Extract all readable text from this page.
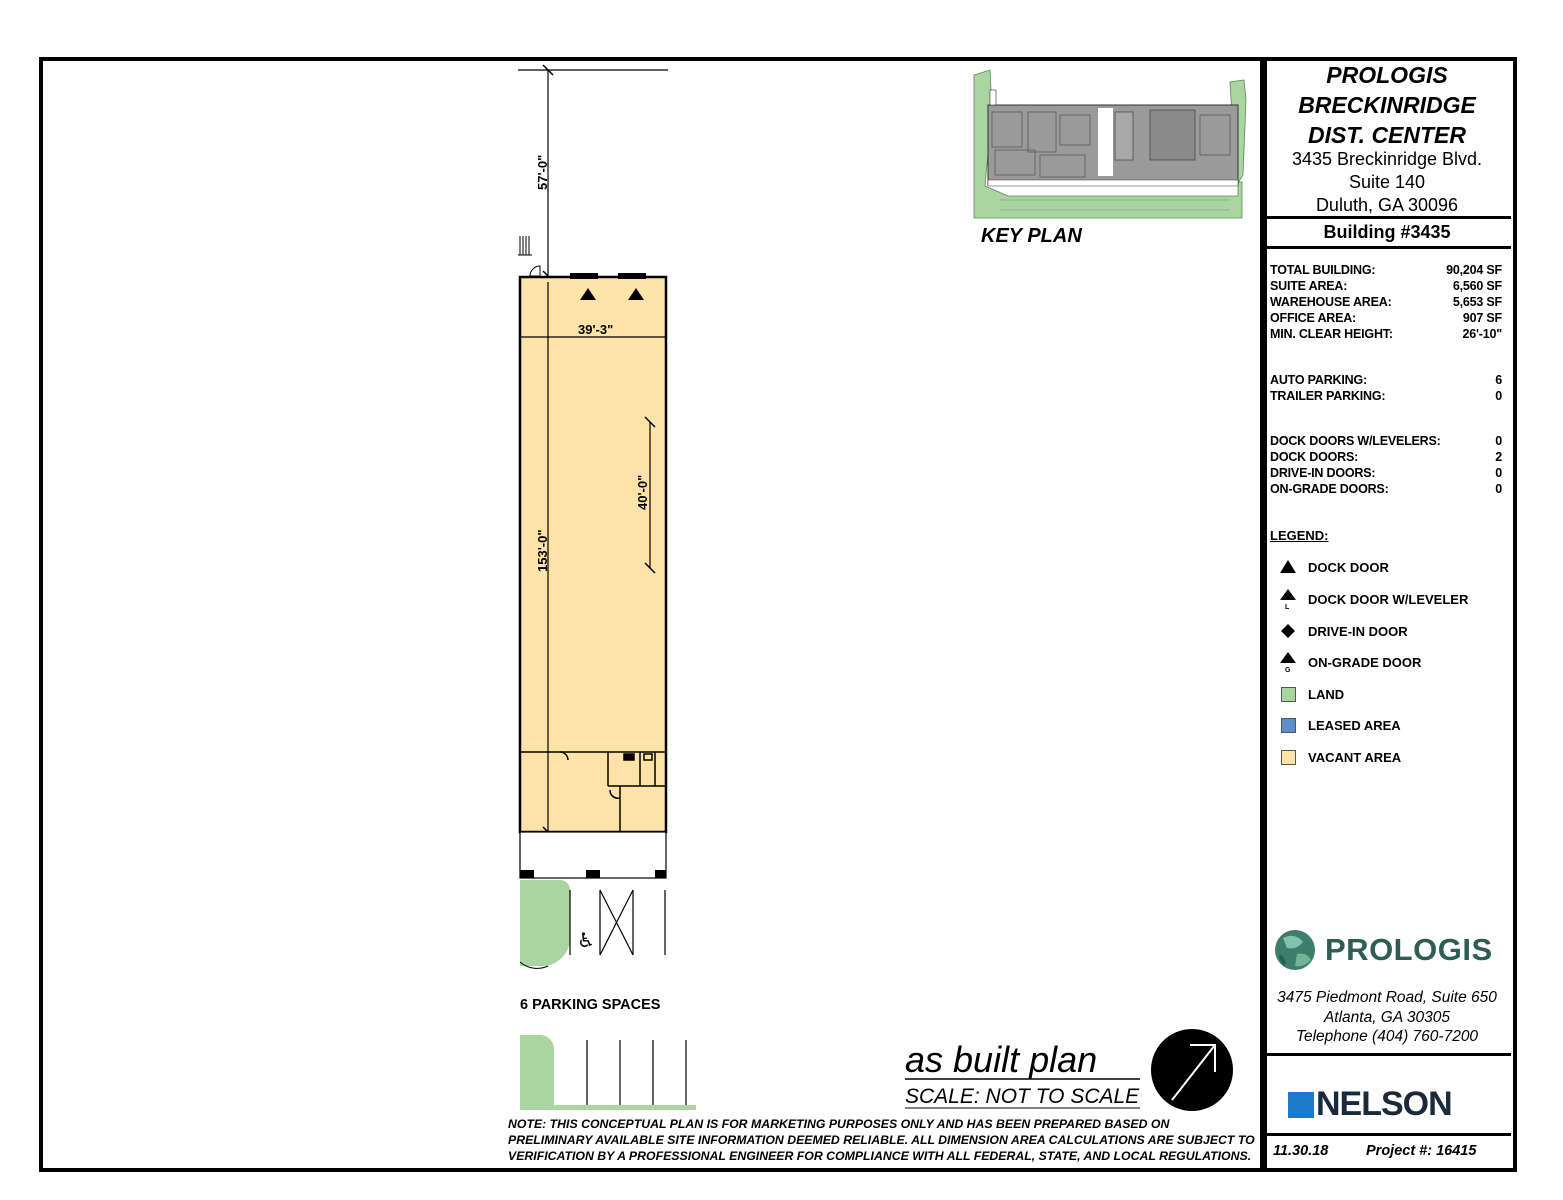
57'-0"
39'-3"
153'-0"
40'-0"
♿
6 PARKING SPACES
KEY PLAN
as built plan
SCALE: NOT TO SCALE
NOTE: THIS CONCEPTUAL PLAN IS FOR MARKETING PURPOSES ONLY AND HAS BEEN PREPARED BASED ON
PRELIMINARY AVAILABLE SITE INFORMATION DEEMED RELIABLE. ALL DIMENSION AREA CALCULATIONS ARE SUBJECT TO
VERIFICATION BY A PROFESSIONAL ENGINEER FOR COMPLIANCE WITH ALL FEDERAL, STATE, AND LOCAL REGULATIONS.
PROLOGIS
BRECKINRIDGE
DIST. CENTER
3435 Breckinridge Blvd.
Suite 140
Duluth, GA 30096
Building #3435
TOTAL BUILDING:	90,204 SF
SUITE AREA:	6,560 SF
WAREHOUSE AREA:	5,653 SF
OFFICE AREA:	907 SF
MIN. CLEAR HEIGHT:	26'-10"
AUTO PARKING:	6
TRAILER PARKING:	0
DOCK DOORS W/LEVELERS:	0
DOCK DOORS:	2
DRIVE-IN DOORS:	0
ON-GRADE DOORS:	0
LEGEND:
DOCK DOOR
L
DOCK DOOR W/LEVELER
DRIVE-IN DOOR
G
ON-GRADE DOOR
LAND
LEASED AREA
VACANT AREA
PROLOGIS
3475 Piedmont Road, Suite 650
Atlanta, GA 30305
Telephone (404) 760-7200
NELSON
11.30.18	Project #: 16415
